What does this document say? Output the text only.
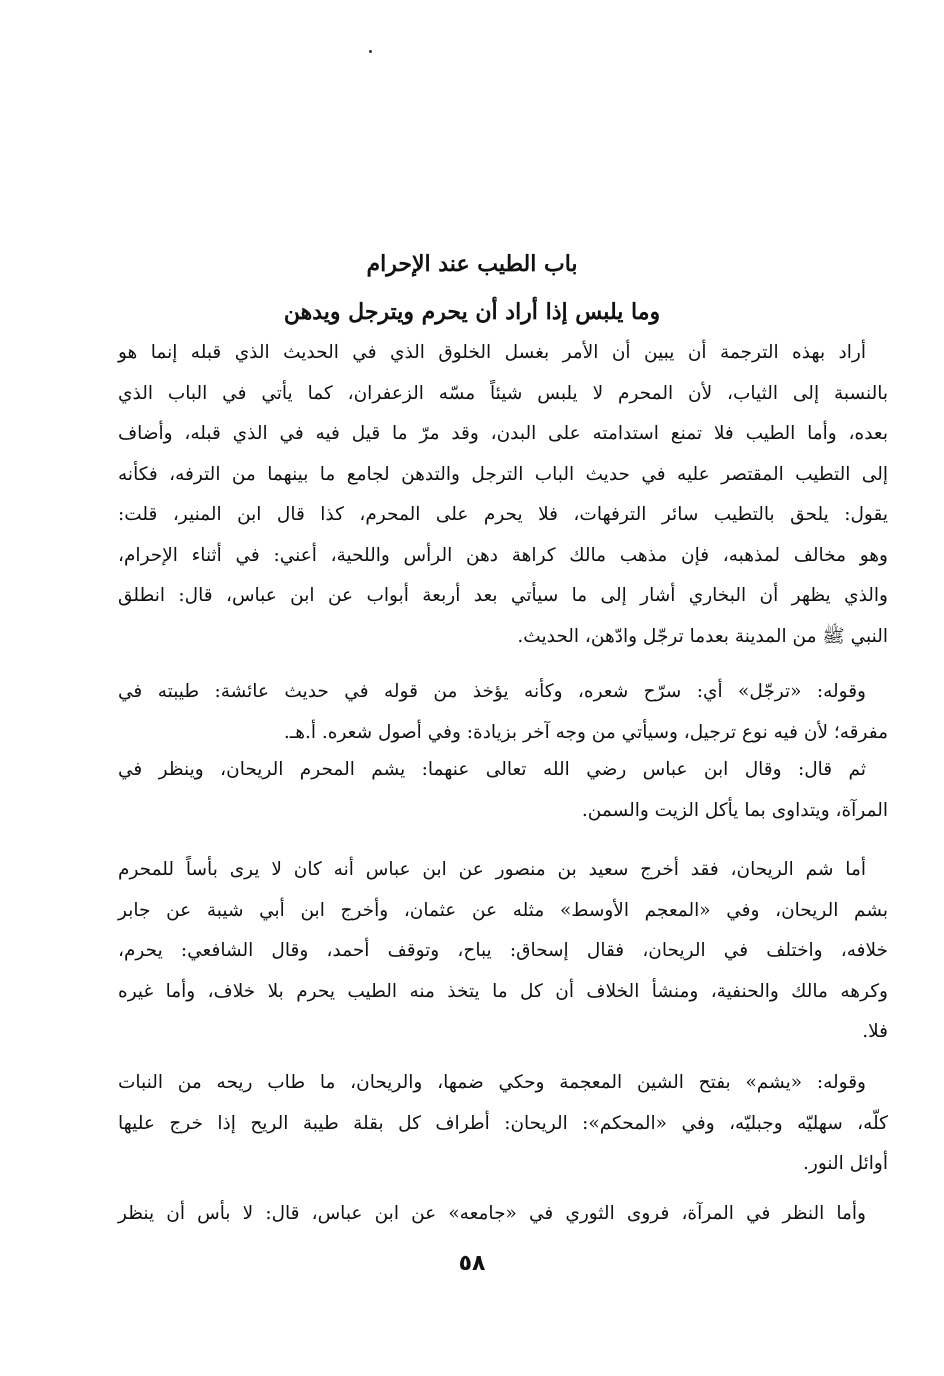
باب الطيب عند الإحرام
وما يلبس إذا أراد أن يحرم ويترجل ويدهن
أراد بهذه الترجمة أن يبين أن الأمر بغسل الخلوق الذي في الحديث الذي قبله إنما هو
بالنسبة إلى الثياب، لأن المحرم لا يلبس شيئاً مسّه الزعفران، كما يأتي في الباب الذي
بعده، وأما الطيب فلا تمنع استدامته على البدن، وقد مرّ ما قيل فيه في الذي قبله، وأضاف
إلى التطيب المقتصر عليه في حديث الباب الترجل والتدهن لجامع ما بينهما من الترفه، فكأنه
يقول: يلحق بالتطيب سائر الترفهات، فلا يحرم على المحرم، كذا قال ابن المنير، قلت:
وهو مخالف لمذهبه، فإن مذهب مالك كراهة دهن الرأس واللحية، أعني: في أثناء الإحرام،
والذي يظهر أن البخاري أشار إلى ما سيأتي بعد أربعة أبواب عن ابن عباس، قال: انطلق
النبي ﷺ من المدينة بعدما ترجّل وادّهن، الحديث.
وقوله: «ترجّل» أي: سرّح شعره، وكأنه يؤخذ من قوله في حديث عائشة: طيبته في
مفرقه؛ لأن فيه نوع ترجيل، وسيأتي من وجه آخر بزيادة: وفي أصول شعره. أ.هـ.
ثم قال: وقال ابن عباس رضي الله تعالى عنهما: يشم المحرم الريحان، وينظر في
المرآة، ويتداوى بما يأكل الزيت والسمن.
أما شم الريحان، فقد أخرج سعيد بن منصور عن ابن عباس أنه كان لا يرى بأساً للمحرم
بشم الريحان، وفي «المعجم الأوسط» مثله عن عثمان، وأخرج ابن أبي شيبة عن جابر
خلافه، واختلف في الريحان، فقال إسحاق: يباح، وتوقف أحمد، وقال الشافعي: يحرم،
وكرهه مالك والحنفية، ومنشأ الخلاف أن كل ما يتخذ منه الطيب يحرم بلا خلاف، وأما غيره
فلا.
وقوله: «يشم» بفتح الشين المعجمة وحكي ضمها، والريحان، ما طاب ريحه من النبات
كلّه، سهليّه وجبليّه، وفي «المحكم»: الريحان: أطراف كل بقلة طيبة الريح إذا خرج عليها
أوائل النور.
وأما النظر في المرآة، فروى الثوري في «جامعه» عن ابن عباس، قال: لا بأس أن ينظر
٥٨
